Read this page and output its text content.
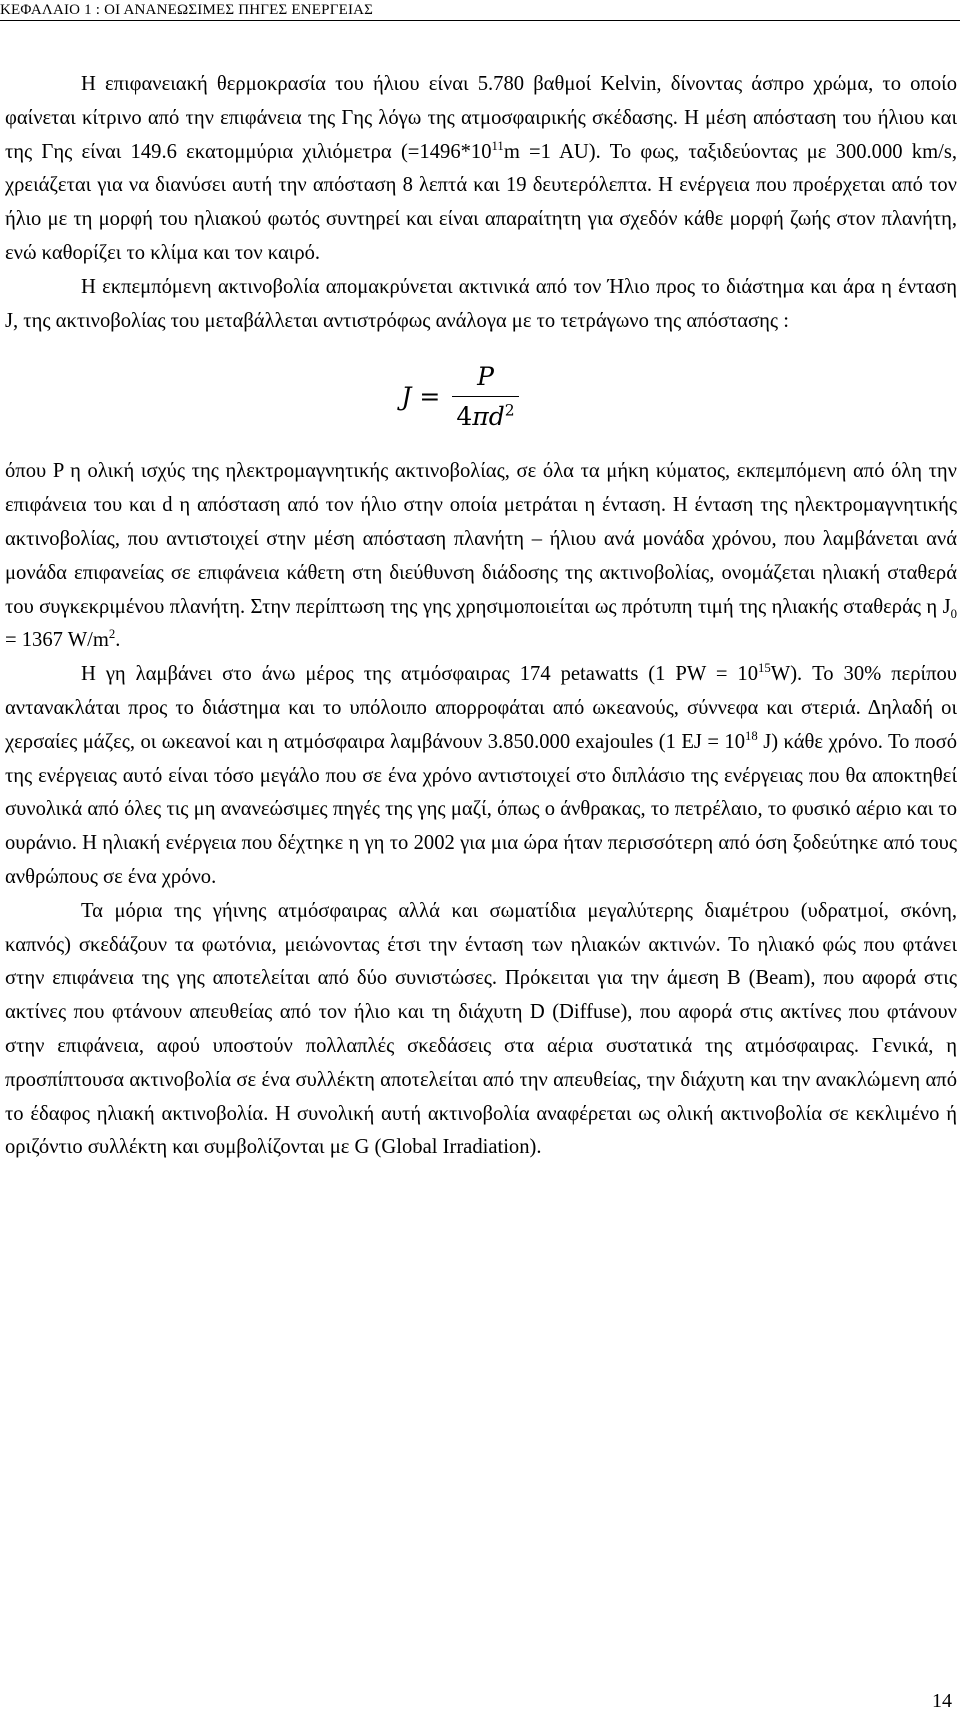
ΚΕΦΑΛΑΙΟ 1 : ΟΙ ΑΝΑΝΕΩΣΙΜΕΣ ΠΗΓΕΣ ΕΝΕΡΓΕΙΑΣ

Η επιφανειακή θερμοκρασία του ήλιου είναι 5.780 βαθμοί Kelvin, δίνοντας άσπρο χρώμα, το οποίο φαίνεται κίτρινο από την επιφάνεια της Γης λόγω της ατμοσφαιρικής σκέδασης. Η μέση απόσταση του ήλιου και της Γης είναι 149.6 εκατομμύρια χιλιόμετρα ($=1496*10^{11}m =1$ AU). Το φως, ταξιδεύοντας με 300.000 km/s, χρειάζεται για να διανύσει αυτή την απόσταση 8 λεπτά και 19 δευτερόλεπτα. Η ενέργεια που προέρχεται από τον ήλιο με τη μορφή του ηλιακού φωτός συντηρεί και είναι απαραίτητη για σχεδόν κάθε μορφή ζωής στον πλανήτη, ενώ καθορίζει το κλίμα και τον καιρό.

Η εκπεμπόμενη ακτινοβολία απομακρύνεται ακτινικά από τον Ήλιο προς το διάστημα και άρα η ένταση J, της ακτινοβολίας του μεταβάλλεται αντιστρόφως ανάλογα με το τετράγωνο της απόστασης :

$J = \frac{P}{4\pi d^2}$

όπου P η ολική ισχύς της ηλεκτρομαγνητικής ακτινοβολίας, σε όλα τα μήκη κύματος, εκπεμπόμενη από όλη την επιφάνεια του και d η απόσταση από τον ήλιο στην οποία μετράται η ένταση. Η ένταση της ηλεκτρομαγνητικής ακτινοβολίας, που αντιστοιχεί στην μέση απόσταση πλανήτη – ήλιου ανά μονάδα χρόνου, που λαμβάνεται ανά μονάδα επιφανείας σε επιφάνεια κάθετη στη διεύθυνση διάδοσης της ακτινοβολίας, ονομάζεται ηλιακή σταθερά του συγκεκριμένου πλανήτη. Στην περίπτωση της γης χρησιμοποιείται ως πρότυπη τιμή της ηλιακής σταθεράς η $J_0 = 1367$ $W/m^2$.

Η γη λαμβάνει στο άνω μέρος της ατμόσφαιρας 174 petawatts (1 PW = $10^{15}W$). Το 30% περίπου αντανακλάται προς το διάστημα και το υπόλοιπο απορροφάται από ωκεανούς, σύννεφα και στεριά. Δηλαδή οι χερσαίες μάζες, οι ωκεανοί και η ατμόσφαιρα λαμβάνουν 3.850.000 exajoules (1 EJ = $10^{18}$ J) κάθε χρόνο. Το ποσό της ενέργειας αυτό είναι τόσο μεγάλο που σε ένα χρόνο αντιστοιχεί στο διπλάσιο της ενέργειας που θα αποκτηθεί συνολικά από όλες τις μη ανανεώσιμες πηγές της γης μαζί, όπως ο άνθρακας, το πετρέλαιο, το φυσικό αέριο και το ουράνιο. Η ηλιακή ενέργεια που δέχτηκε η γη το 2002 για μια ώρα ήταν περισσότερη από όση ξοδεύτηκε από τους ανθρώπους σε ένα χρόνο.

Τα μόρια της γήινης ατμόσφαιρας αλλά και σωματίδια μεγαλύτερης διαμέτρου (υδρατμοί, σκόνη, καπνός) σκεδάζουν τα φωτόνια, μειώνοντας έτσι την ένταση των ηλιακών ακτινών. Το ηλιακό φώς που φτάνει στην επιφάνεια της γης αποτελείται από δύο συνιστώσες. Πρόκειται για την άμεση B (Beam), που αφορά στις ακτίνες που φτάνουν απευθείας από τον ήλιο και τη διάχυτη D (Diffuse), που αφορά στις ακτίνες που φτάνουν στην επιφάνεια, αφού υποστούν πολλαπλές σκεδάσεις στα αέρια συστατικά της ατμόσφαιρας. Γενικά, η προσπίπτουσα ακτινοβολία σε ένα συλλέκτη αποτελείται από την απευθείας, την διάχυτη και την ανακλώμενη από το έδαφος ηλιακή ακτινοβολία. Η συνολική αυτή ακτινοβολία αναφέρεται ως ολική ακτινοβολία σε κεκλιμένο ή οριζόντιο συλλέκτη και συμβολίζονται με G (Global Irradiation).

14
